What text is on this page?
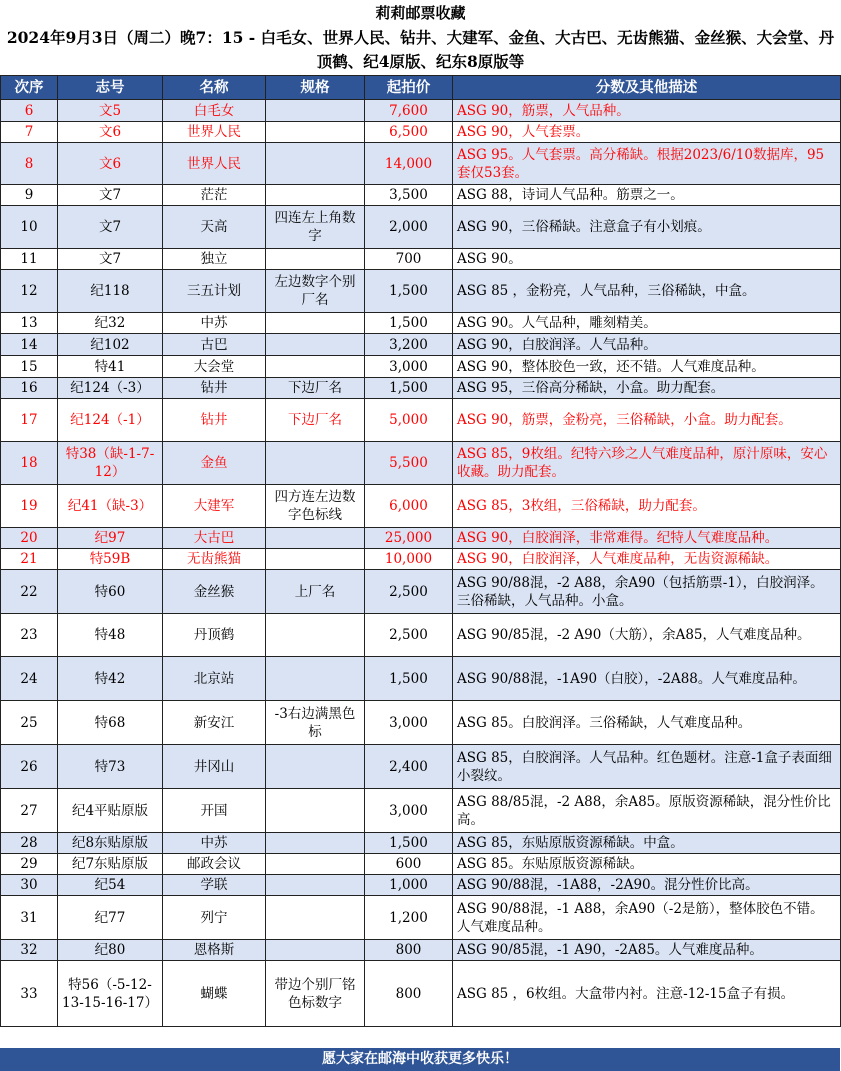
莉莉邮票收藏
2024年9月3日（周二）晚7：15 - 白毛女、世界人民、钻井、大建军、金鱼、大古巴、无齿熊猫、金丝猴、大会堂、丹顶鹤、纪4原版、纪东8原版等
次序	志号	名称	规格	起拍价	分数及其他描述
6	文5	白毛女		7,600	ASG 90，筋票，人气品种。
7	文6	世界人民		6,500	ASG 90，人气套票。
8	文6	世界人民		14,000	ASG 95。人气套票。高分稀缺。根据2023/6/10数据库，95套仅53套。
9	文7	茫茫		3,500	ASG 88，诗词人气品种。筋票之一。
10	文7	天高	四连左上角数字	2,000	ASG 90，三俗稀缺。注意盒子有小划痕。
11	文7	独立		700	ASG 90。
12	纪118	三五计划	左边数字个别厂名	1,500	ASG 85 ，金粉亮，人气品种，三俗稀缺，中盒。
13	纪32	中苏		1,500	ASG 90。人气品种，雕刻精美。
14	纪102	古巴		3,200	ASG 90，白胶润泽。人气品种。
15	特41	大会堂		3,000	ASG 90，整体胶色一致，还不错。人气难度品种。
16	纪124（-3）	钻井	下边厂名	1,500	ASG 95，三俗高分稀缺，小盒。助力配套。
17	纪124（-1）	钻井	下边厂名	5,000	ASG 90，筋票，金粉亮，三俗稀缺，小盒。助力配套。
18	特38（缺-1-7-12）	金鱼		5,500	ASG 85，9枚组。纪特六珍之人气难度品种，原汁原味，安心收藏。助力配套。
19	纪41（缺-3）	大建军	四方连左边数字色标线	6,000	ASG 85，3枚组，三俗稀缺，助力配套。
20	纪97	大古巴		25,000	ASG 90，白胶润泽，非常难得。纪特人气难度品种。
21	特59B	无齿熊猫		10,000	ASG 90，白胶润泽，人气难度品种，无齿资源稀缺。
22	特60	金丝猴	上厂名	2,500	ASG 90/88混，-2 A88，余A90（包括筋票-1），白胶润泽。三俗稀缺，人气品种。小盒。
23	特48	丹顶鹤		2,500	ASG 90/85混，-2 A90（大筋），余A85，人气难度品种。
24	特42	北京站		1,500	ASG 90/88混，-1A90（白胶），-2A88。人气难度品种。
25	特68	新安江	-3右边满黑色标	3,000	ASG 85。白胶润泽。三俗稀缺，人气难度品种。
26	特73	井冈山		2,400	ASG 85，白胶润泽。人气品种。红色题材。注意-1盒子表面细小裂纹。
27	纪4平贴原版	开国		3,000	ASG 88/85混，-2 A88，余A85。原版资源稀缺，混分性价比高。
28	纪8东贴原版	中苏		1,500	ASG 85，东贴原版资源稀缺。中盒。
29	纪7东贴原版	邮政会议		600	ASG 85。东贴原版资源稀缺。
30	纪54	学联		1,000	ASG 90/88混，-1A88，-2A90。混分性价比高。
31	纪77	列宁		1,200	ASG 90/88混，-1 A88，余A90（-2是筋），整体胶色不错。人气难度品种。
32	纪80	恩格斯		800	ASG 90/85混，-1 A90，-2A85。人气难度品种。
33	特56（-5-12-13-15-16-17）	蝴蝶	带边个别厂铭色标数字	800	ASG 85 ，6枚组。大盒带内衬。注意-12-15盒子有损。
愿大家在邮海中收获更多快乐！
